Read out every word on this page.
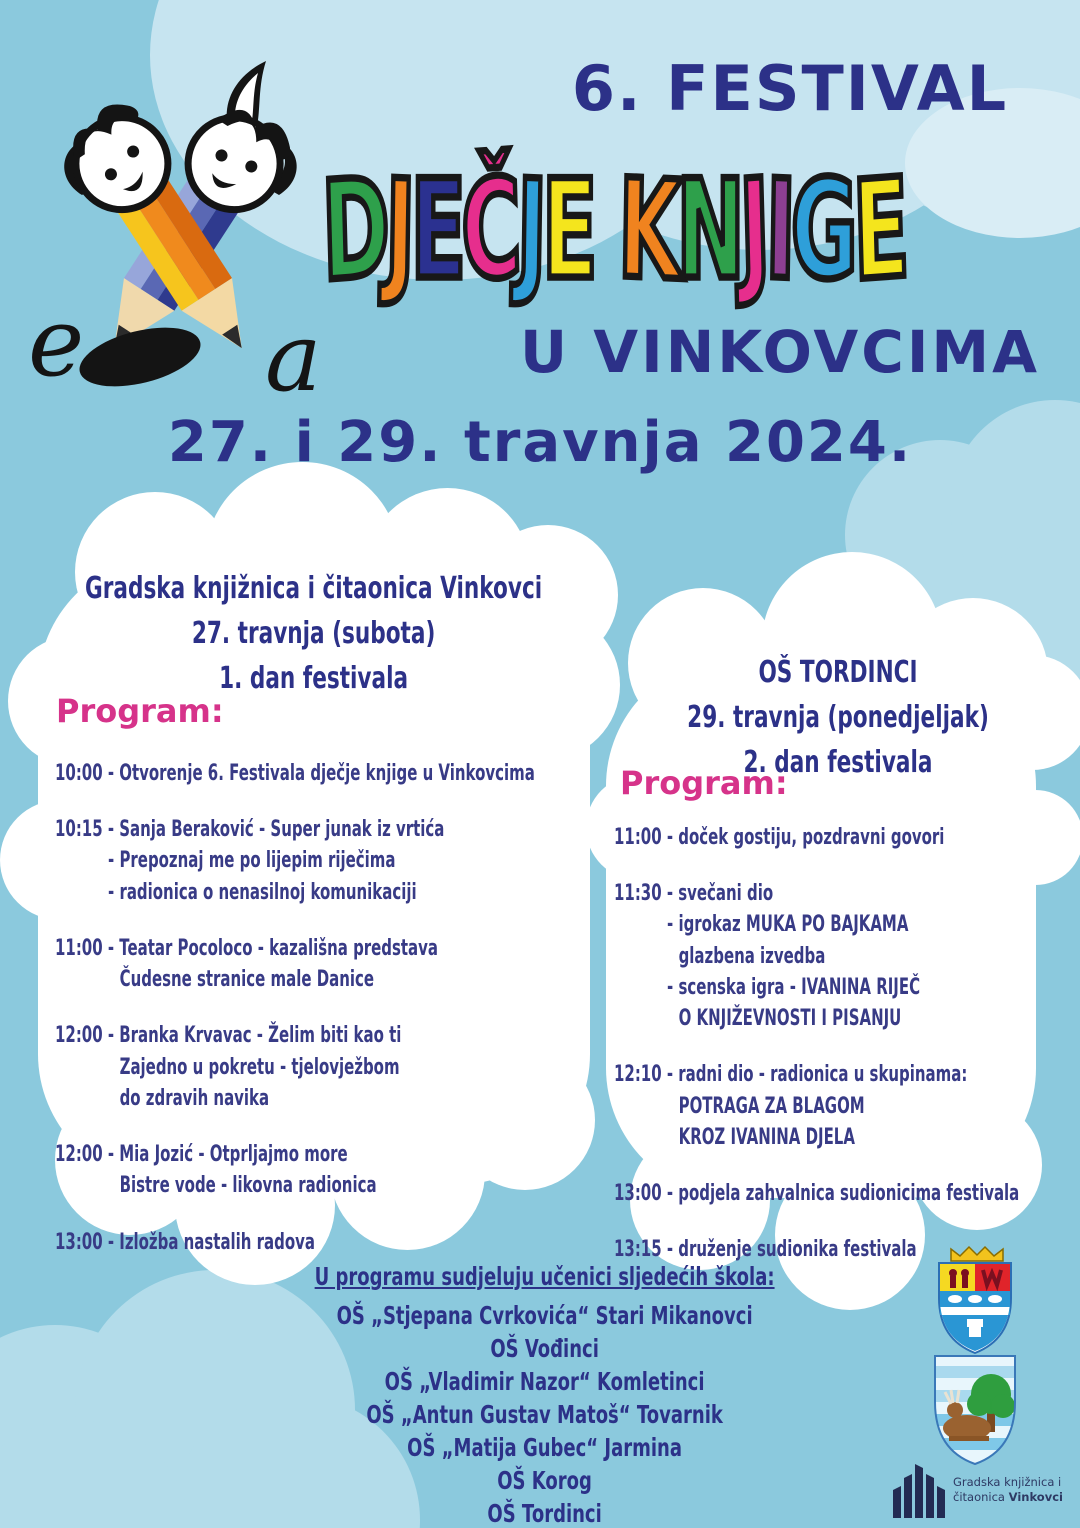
e a
6. FESTIVAL
DJEČJE KNJIGE
U VINKOVCIMA
27. i 29. travnja 2024.
Gradska knjižnica i čitaonica Vinkovci
27. travnja (subota)
1. dan festivala
Program:
10:00 - Otvorenje 6. Festivala dječje knjige u Vinkovcima
10:15 - Sanja Beraković - Super junak iz vrtića
- Prepoznaj me po lijepim riječima
- radionica o nenasilnoj komunikaciji
11:00 - Teatar Pocoloco - kazališna predstava
Čudesne stranice male Danice
12:00 - Branka Krvavac - Želim biti kao ti
Zajedno u pokretu - tjelovježbom
do zdravih navika
12:00 - Mia Jozić - Otprljajmo more
Bistre vode - likovna radionica
13:00 - Izložba nastalih radova
OŠ TORDINCI
29. travnja (ponedjeljak)
2. dan festivala
Program:
11:00 - doček gostiju, pozdravni govori
11:30 - svečani dio
- igrokaz MUKA PO BAJKAMA
glazbena izvedba
- scenska igra - IVANINA RIJEČ
O KNJIŽEVNOSTI I PISANJU
12:10 - radni dio - radionica u skupinama:
POTRAGA ZA BLAGOM
KROZ IVANINA DJELA
13:00 - podjela zahvalnica sudionicima festivala
13:15 - druženje sudionika festivala
U programu sudjeluju učenici sljedećih škola:
OŠ „Stjepana Cvrkovića“ Stari Mikanovci
OŠ Vođinci
OŠ „Vladimir Nazor“ Komletinci
OŠ „Antun Gustav Matoš“ Tovarnik
OŠ „Matija Gubec“ Jarmina
OŠ Korog
OŠ Tordinci
Gradska knjižnica i
čitaonica Vinkovci
